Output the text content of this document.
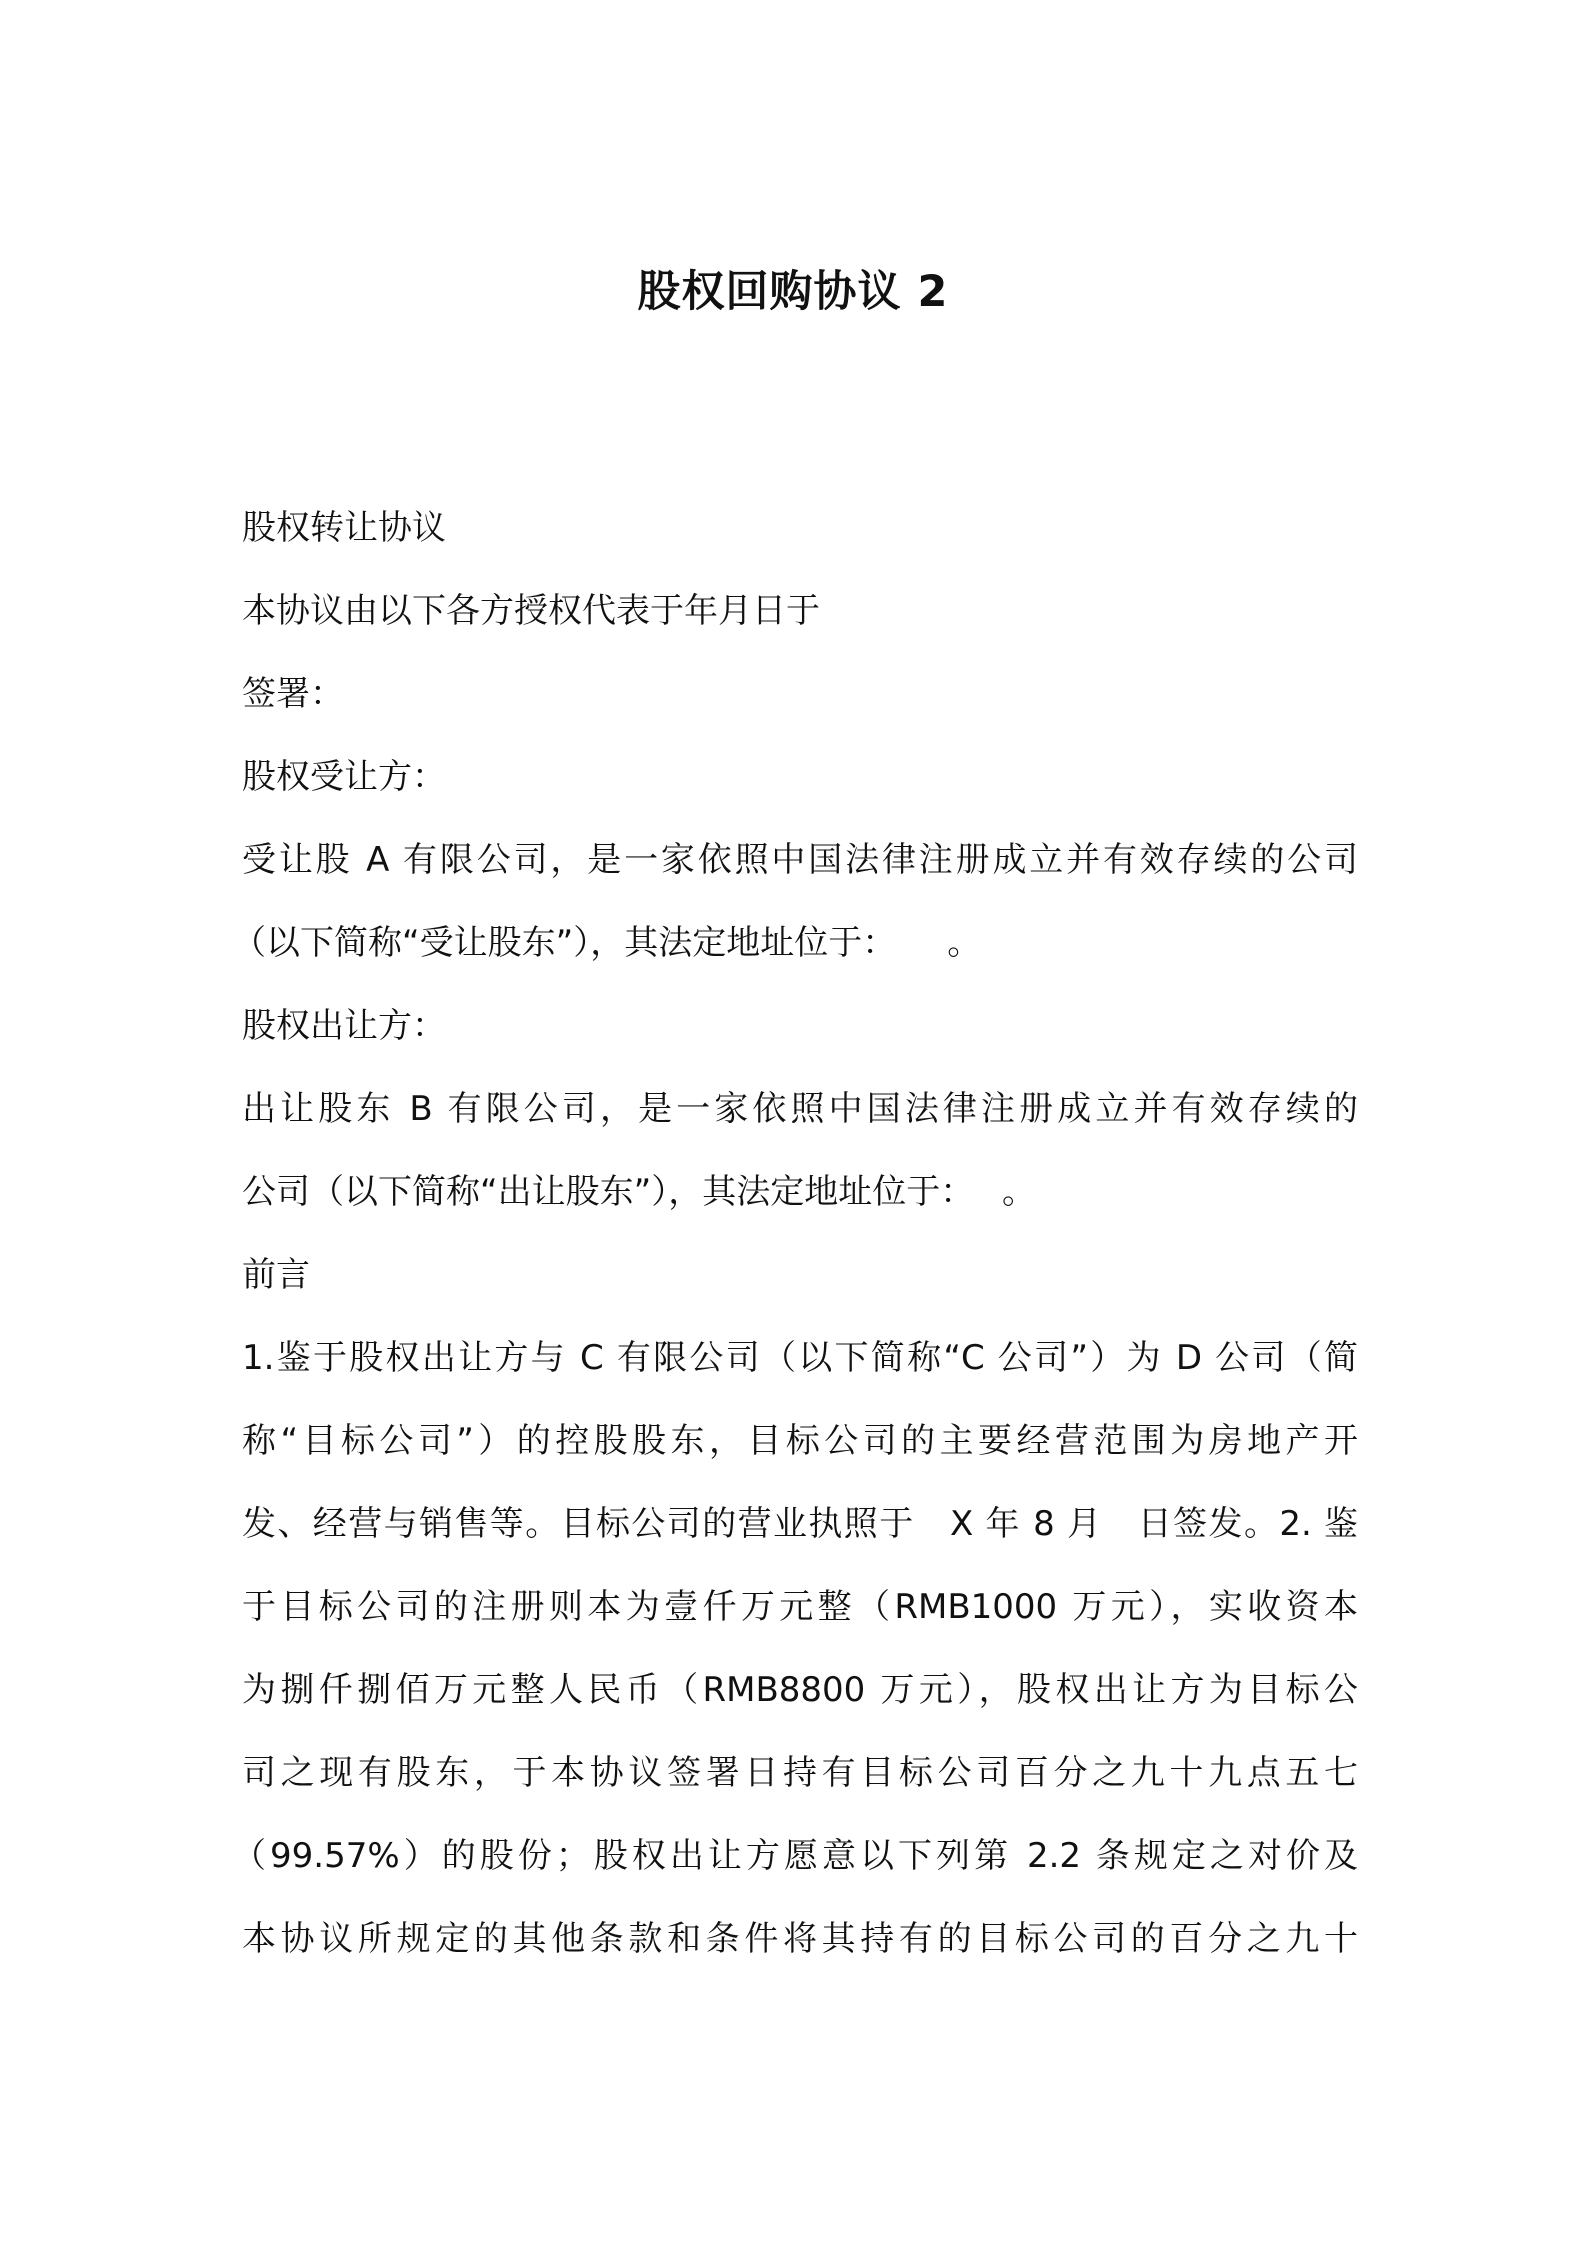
股权回购协议 2
股权转让协议
本协议由以下各方授权代表于年月日于
签署：
股权受让方：
受让股 A 有限公司，是一家依照中国法律注册成立并有效存续的公司
（以下简称“受让股东”），其法定地址位于：　　。
股权出让方：
出让股东 B 有限公司，是一家依照中国法律注册成立并有效存续的
公司（以下简称“出让股东”），其法定地址位于：　 。
前言
1.鉴于股权出让方与 C 有限公司（以下简称“C 公司”）为 D 公司（简
称“目标公司”）的控股股东，目标公司的主要经营范围为房地产开
发、经营与销售等。目标公司的营业执照于　X 年 8 月　日签发。2. 鉴
于目标公司的注册则本为壹仟万元整（RMB1000 万元），实收资本
为捌仟捌佰万元整人民币（RMB8800 万元），股权出让方为目标公
司之现有股东，于本协议签署日持有目标公司百分之九十九点五七
（99.57%）的股份；股权出让方愿意以下列第 2.2 条规定之对价及
本协议所规定的其他条款和条件将其持有的目标公司的百分之九十
